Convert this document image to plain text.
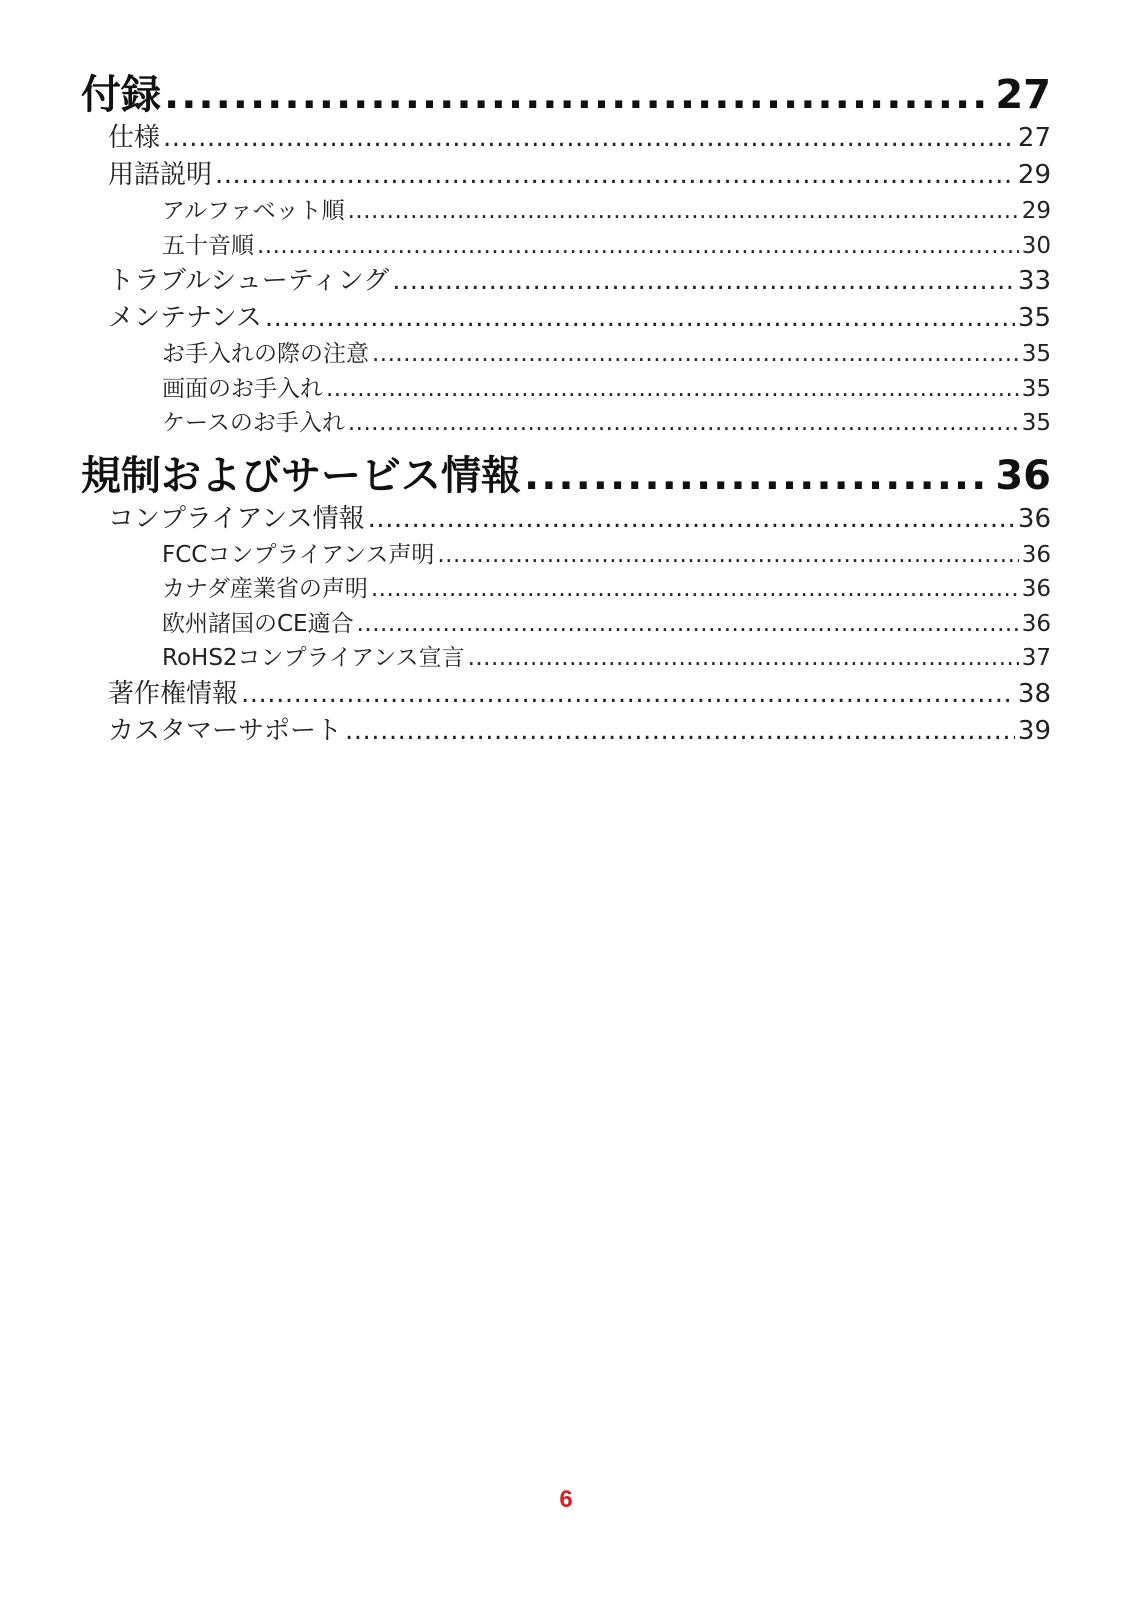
付録 .....	27
仕様 .....	27
用語説明 .....	29
アルファベット順 .....	29
五十音順 .....	30
トラブルシューティング .....	33
メンテナンス .....	35
お手入れの際の注意 .....	35
画面のお手入れ .....	35
ケースのお手入れ .....	35
規制およびサービス情報 .....	36
コンプライアンス情報 .....	36
FCCコンプライアンス声明 .....	36
カナダ産業省の声明 .....	36
欧州諸国のCE適合 .....	36
RoHS2コンプライアンス宣言 .....	37
著作権情報 .....	38
カスタマーサポート .....	39
6
